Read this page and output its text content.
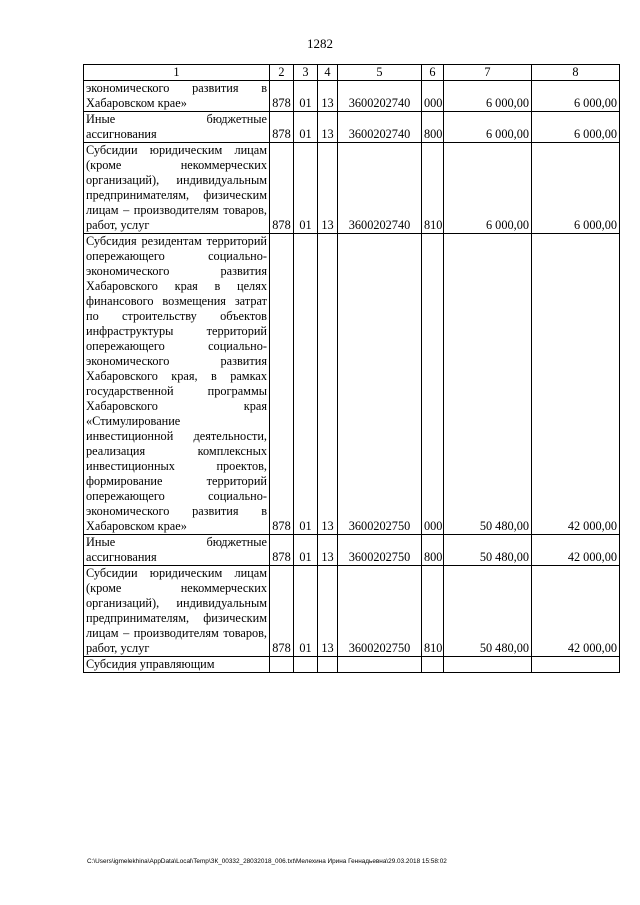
1282
1	2	3	4	5	6	7	8
экономического развития в
Хабаровском крае»	878	01	13	3600202740	000	6 000,00	6 000,00
Иные бюджетные
ассигнования	878	01	13	3600202740	800	6 000,00	6 000,00
Субсидии юридическим лицам (кроме некоммерческих организаций), индивидуальным предпринимателям, физическим лицам – производителям товаров,
работ, услуг	878	01	13	3600202740	810	6 000,00	6 000,00
Субсидия резидентам территорий опережающего социально-экономического развития Хабаровского края в целях финансового возмещения затрат по строительству объектов инфраструктуры территорий опережающего социально- экономического развития Хабаровского края, в рамках государственной программы Хабаровского края «Стимулирование инвестиционной деятельности, реализация комплексных инвестиционных проектов, формирование территорий опережающего социально- экономического развития в
Хабаровском крае»	878	01	13	3600202750	000	50 480,00	42 000,00
Иные бюджетные
ассигнования	878	01	13	3600202750	800	50 480,00	42 000,00
Субсидии юридическим лицам (кроме некоммерческих организаций), индивидуальным предпринимателям, физическим лицам – производителям товаров,
работ, услуг	878	01	13	3600202750	810	50 480,00	42 000,00

Субсидия управляющим							

C:\Users\igmelekhina\AppData\Local\Temp\ЗК_00332_28032018_006.txt\Мелехина Ирина Геннадьевна\29.03.2018 15:58:02
